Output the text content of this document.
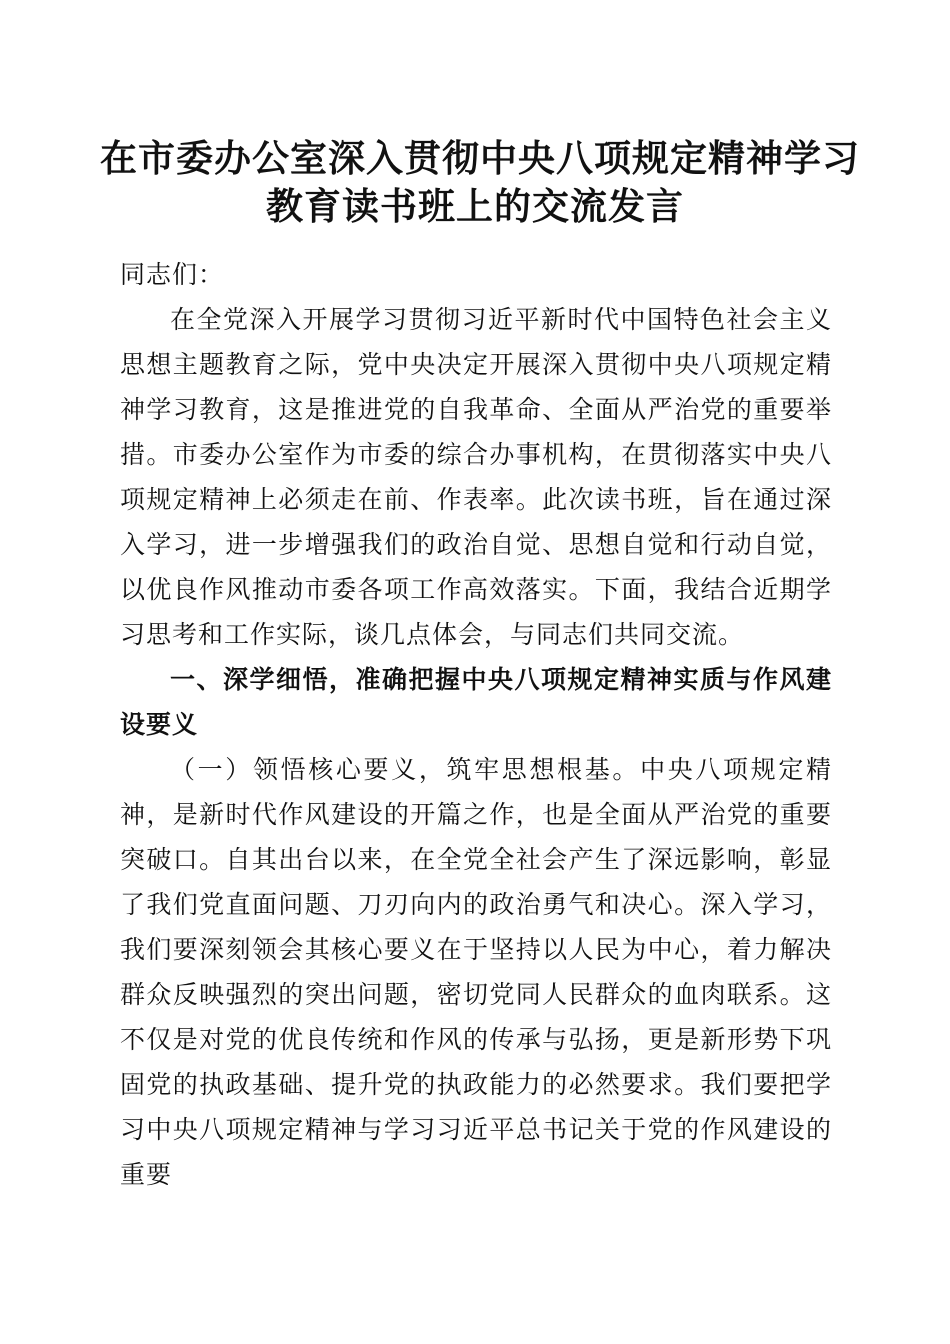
在市委办公室深入贯彻中央八项规定精神学习
教育读书班上的交流发言

同志们：

在全党深入开展学习贯彻习近平新时代中国特色社会主义思想主题教育之际，党中央决定开展深入贯彻中央八项规定精神学习教育，这是推进党的自我革命、全面从严治党的重要举措。市委办公室作为市委的综合办事机构，在贯彻落实中央八项规定精神上必须走在前、作表率。此次读书班，旨在通过深入学习，进一步增强我们的政治自觉、思想自觉和行动自觉，以优良作风推动市委各项工作高效落实。下面，我结合近期学习思考和工作实际，谈几点体会，与同志们共同交流。

一、深学细悟，准确把握中央八项规定精神实质与作风建设要义

（一）领悟核心要义，筑牢思想根基。中央八项规定精神，是新时代作风建设的开篇之作，也是全面从严治党的重要突破口。自其出台以来，在全党全社会产生了深远影响，彰显了我们党直面问题、刀刃向内的政治勇气和决心。深入学习，我们要深刻领会其核心要义在于坚持以人民为中心，着力解决群众反映强烈的突出问题，密切党同人民群众的血肉联系。这不仅是对党的优良传统和作风的传承与弘扬，更是新形势下巩固党的执政基础、提升党的执政能力的必然要求。我们要把学习中央八项规定精神与学习习近平总书记关于党的作风建设的重要
